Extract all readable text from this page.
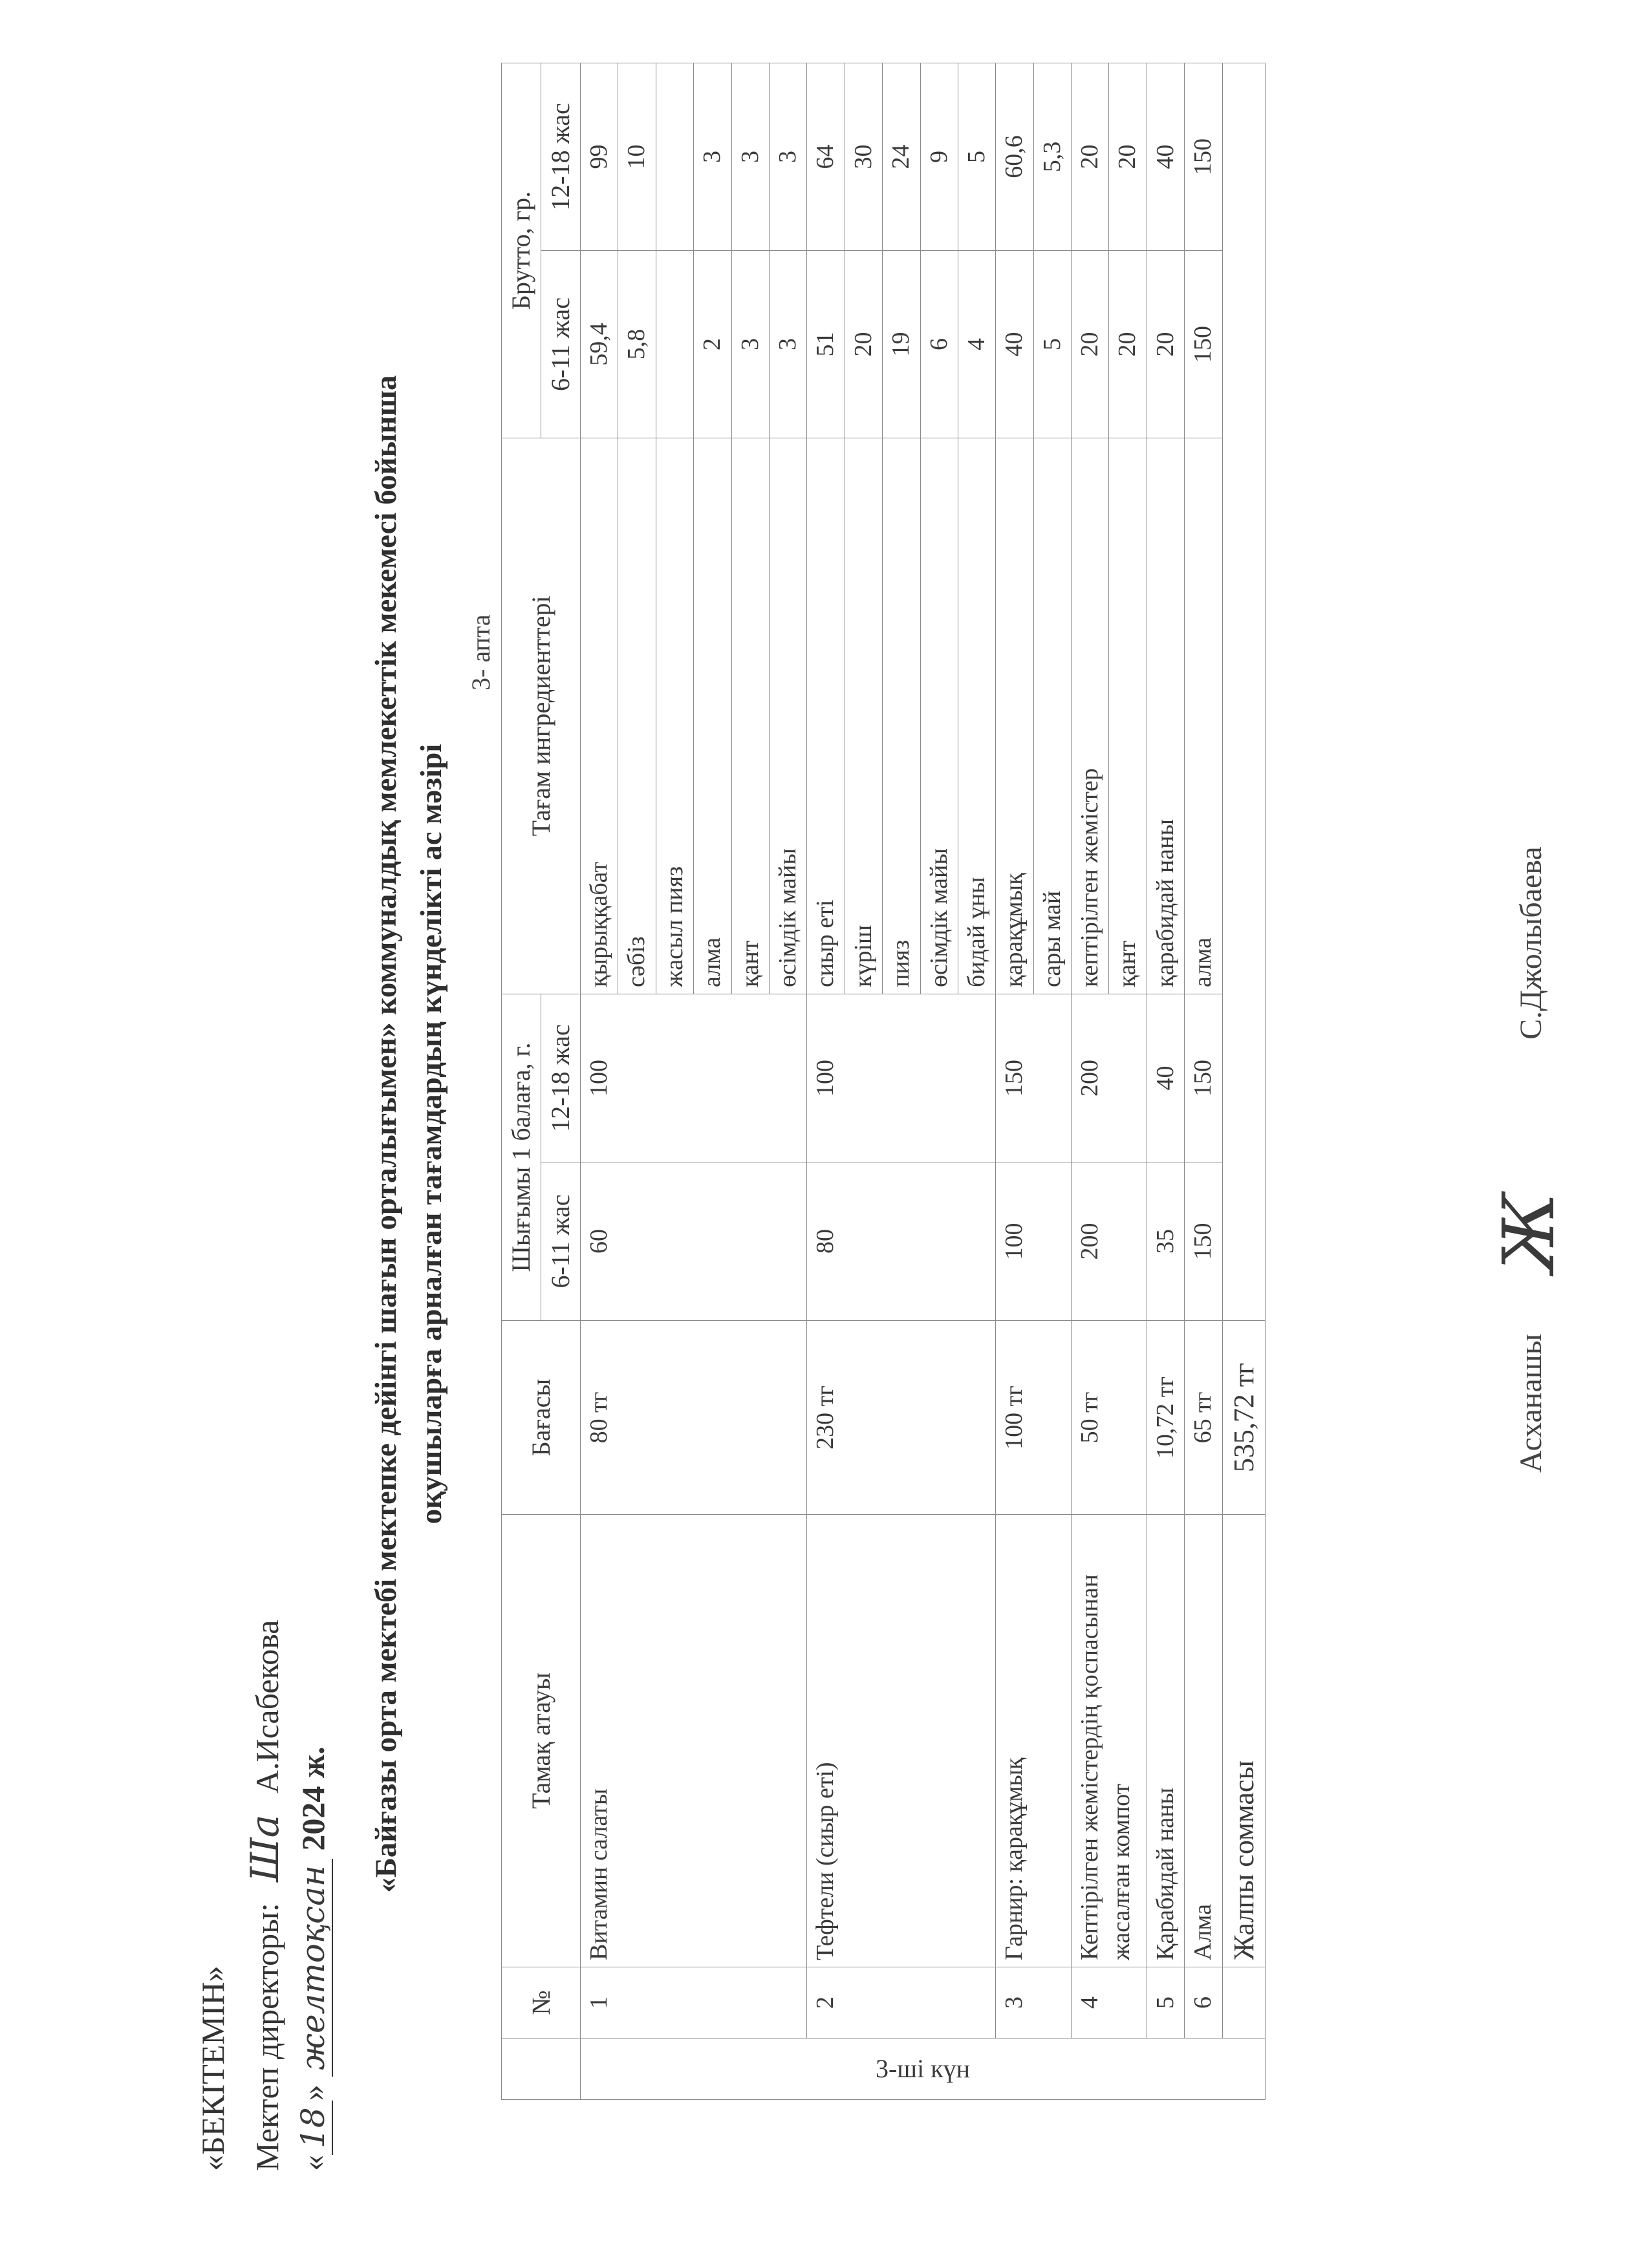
«БЕКІТЕМІН» Мектеп директоры: Ша А.Исабекова
«18» желтоқсан 2024 ж. «Байғазы орта мектебі мектепке дейінгі шағын орталығымен» коммуналдық мемлекеттік мекемесі бойынша оқушыларға арналған тағамдардың күнделікті ас мәзірі
3- апта
	№	Тамақ атауы	Бағасы	Шығымы 1 балаға, г.		Тағам ингредиенттері	Брутто, гр.	
				6-11 жас	12-18 жас		6-11 жас	12-18 жас

3-ші күн	1	Витамин салаты	80 тг	60	100	қырыққабат	59,4	99
						сәбіз	5,8	10
						жасыл пияз		
						алма	2	3
						қант	3	3
						өсімдік майы	3	3
	2	Тефтели (сиыр еті)	230 тг	80	100	сиыр еті	51	64
						күріш	20	30
						пияз	19	24
						өсімдік майы	6	9
						бидай ұны	4	5
	3	Гарнир: қарақұмық	100 тг	100	150	қарақұмық	40	60,6
						сары май	5	5,3
	4	Кептірілген жемістердің қоспасынан жасалған компот	50 тг	200	200	кептірілген жемістер	20	20
						қант	20	20
	5	Қарабидай наны	10,72 тг	35	40	қарабидай наны	20	40
	6	Алма	65 тг	150	150	алма	150	150
		Жалпы соммасы	535,72 тг						Асханашы
Ж
С.Джолыбаева
